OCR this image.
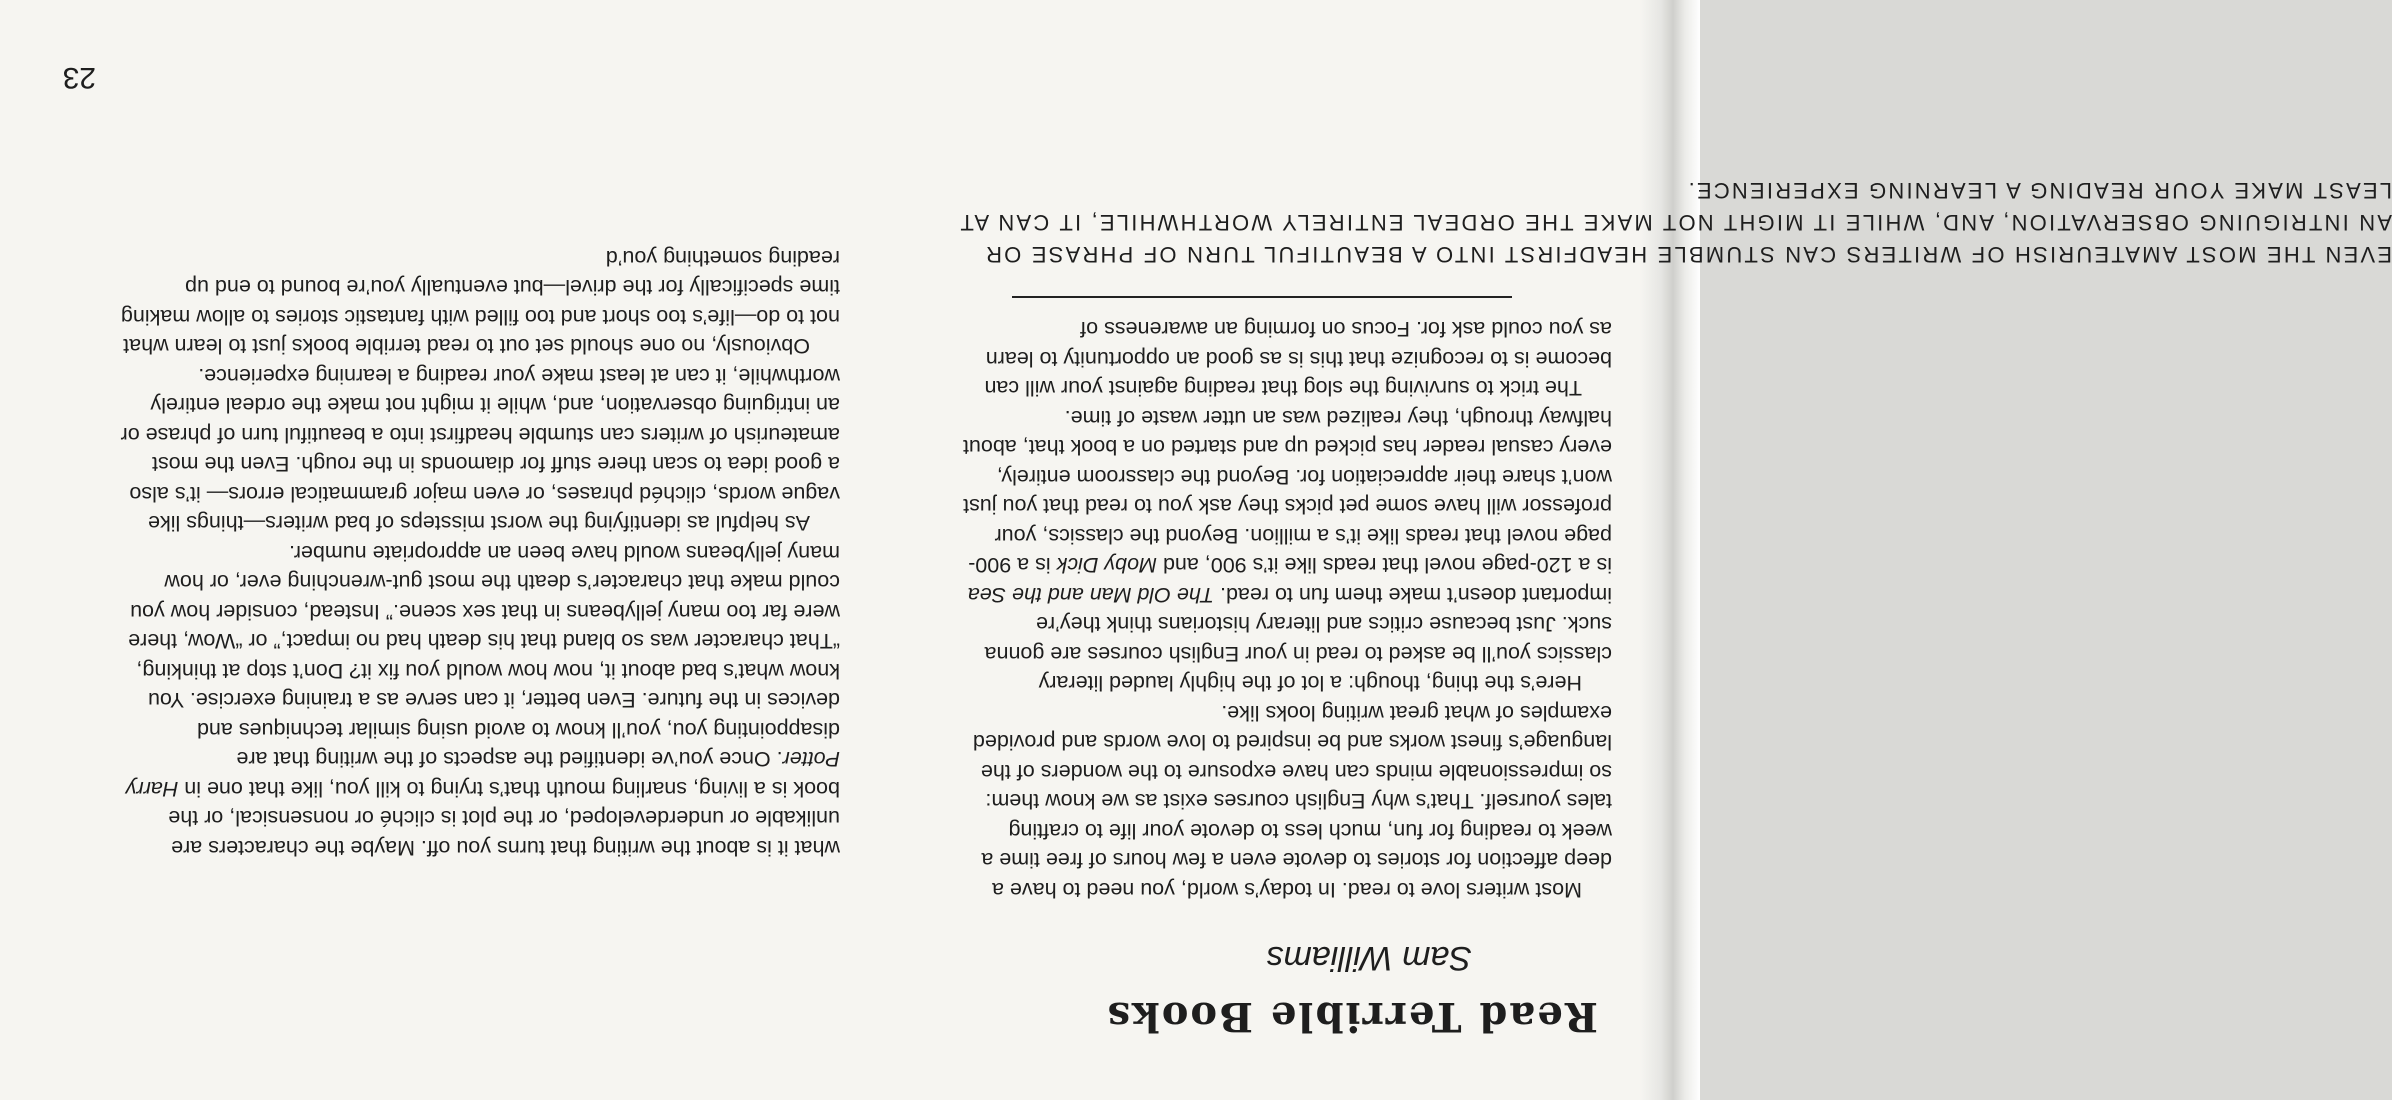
Read Terrible Books
Sam Williams

Most writers love to read. In today’s world, you need to have a deep affection for stories to devote even a few hours of free time a week to reading for fun, much less to devote your life to crafting tales yourself. That’s why English courses exist as we know them: so impressionable minds can have exposure to the wonders of the language’s finest works and be inspired to love words and provided examples of what great writing looks like.

Here’s the thing, though: a lot of the highly lauded literary classics you’ll be asked to read in your English courses are gonna suck. Just because critics and literary historians think they’re important doesn’t make them fun to read. The Old Man and the Sea is a 120-page novel that reads like it’s 900, and Moby Dick is a 900-page novel that reads like it’s a million. Beyond the classics, your professor will have some pet picks they ask you to read that you just won’t share their appreciation for. Beyond the classroom entirely, every casual reader has picked up and started on a book that, about halfway through, they realized was an utter waste of time.

The trick to surviving the slog that reading against your will can become is to recognize that this is as good an opportunity to learn as you could ask for. Focus on forming an awareness of

EVEN THE MOST AMATEURISH OF WRITERS CAN STUMBLE HEADFIRST INTO A BEAUTIFUL TURN OF PHRASE OR AN INTRIGUING OBSERVATION, AND, WHILE IT MIGHT NOT MAKE THE ORDEAL ENTIRELY WORTHWHILE, IT CAN AT LEAST MAKE YOUR READING A LEARNING EXPERIENCE.

what it is about the writing that turns you off. Maybe the characters are unlikable or underdeveloped, or the plot is cliché or nonsensical, or the book is a living, snarling mouth that’s trying to kill you, like that one in Harry Potter. Once you’ve identified the aspects of the writing that are disappointing you, you’ll know to avoid using similar techniques and devices in the future. Even better, it can serve as a training exercise. You know what’s bad about it, now how would you fix it? Don’t stop at thinking, “That character was so bland that his death had no impact,” or “Wow, there were far too many jellybeans in that sex scene.” Instead, consider how you could make that character’s death the most gut-wrenching ever, or how many jellybeans would have been an appropriate number.

As helpful as identifying the worst missteps of bad writers—things like vague words, clichéd phrases, or even major grammatical errors— it’s also a good idea to scan there stuff for diamonds in the rough. Even the most amateurish of writers can stumble headfirst into a beautiful turn of phrase or an intriguing observation, and, while it might not make the ordeal entirely worthwhile, it can at least make your reading a learning experience.

Obviously, no one should set out to read terrible books just to learn what not to do—life’s too short and too filled with fantastic stories to allow making time specifically for the drivel—but eventually you’re bound to end up reading something you’d

23
